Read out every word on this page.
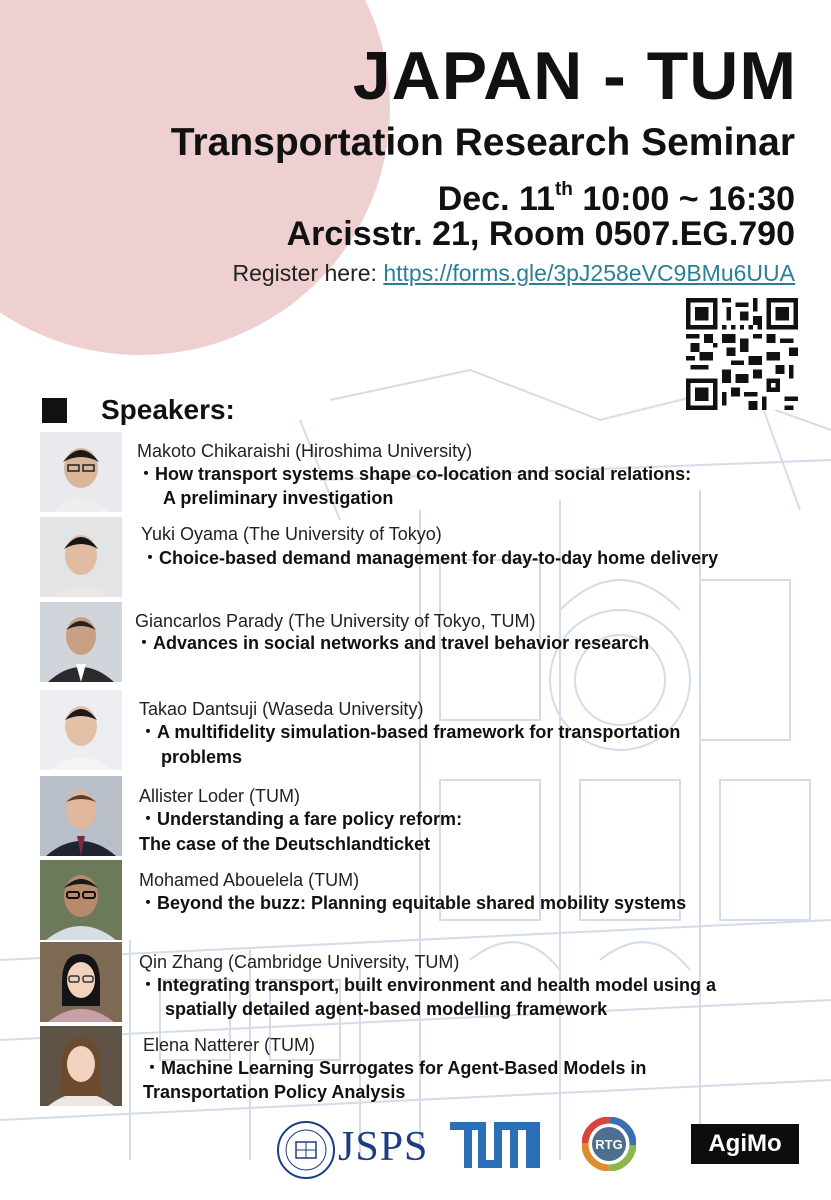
JAPAN - TUM
Transportation Research Seminar
Dec. 11th 10:00 ~ 16:30
Arcisstr. 21, Room 0507.EG.790
Register here: https://forms.gle/3pJ258eVC9BMu6UUA
Speakers:
Makoto Chikaraishi (Hiroshima University)
・How transport systems shape co-location and social relations:
A preliminary investigation
Yuki Oyama (The University of Tokyo)
・Choice-based demand management for day-to-day home delivery
Giancarlos Parady (The University of Tokyo, TUM)
・Advances in social networks and travel behavior research
Takao Dantsuji (Waseda University)
・A multifidelity simulation-based framework for transportation
problems
Allister Loder (TUM)
・Understanding a fare policy reform:
The case of the Deutschlandticket
Mohamed Abouelela (TUM)
・Beyond the buzz: Planning equitable shared mobility systems
Qin Zhang (Cambridge University, TUM)
・Integrating transport, built environment and health model using a
spatially detailed agent-based modelling framework
Elena Natterer (TUM)
・Machine Learning Surrogates for Agent-Based Models in
Transportation Policy Analysis
JSPS	RTG	AgiMo
